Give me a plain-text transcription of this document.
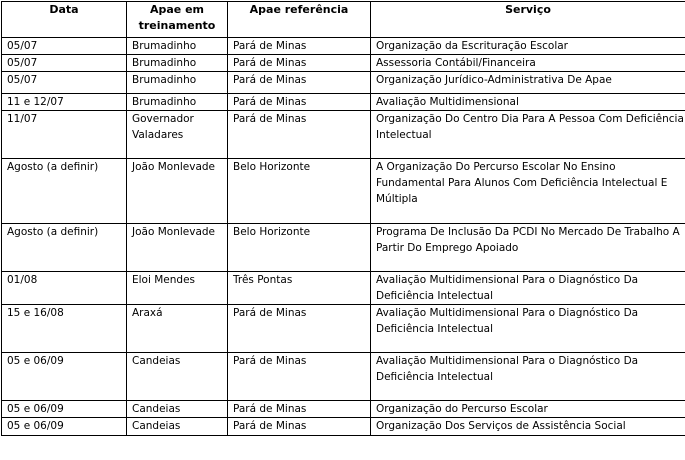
Data	Apae em treinamento	Apae referência	Serviço
05/07	Brumadinho	Pará de Minas	Organização da Escrituração Escolar
05/07	Brumadinho	Pará de Minas	Assessoria Contábil/Financeira
05/07	Brumadinho	Pará de Minas	Organização Jurídico-Administrativa De Apae
11 e 12/07	Brumadinho	Pará de Minas	Avaliação Multidimensional
11/07	Governador Valadares	Pará de Minas	Organização Do Centro Dia Para A Pessoa Com Deficiência Intelectual
Agosto (a definir)	João Monlevade	Belo Horizonte	A Organização Do Percurso Escolar No Ensino Fundamental Para Alunos Com Deficiência Intelectual E Múltipla
Agosto (a definir)	João Monlevade	Belo Horizonte	Programa De Inclusão Da PCDI No Mercado De Trabalho A Partir Do Emprego Apoiado
01/08	Eloi Mendes	Três Pontas	Avaliação Multidimensional Para o Diagnóstico Da Deficiência Intelectual
15 e 16/08	Araxá	Pará de Minas	Avaliação Multidimensional Para o Diagnóstico Da Deficiência Intelectual
05 e 06/09	Candeias	Pará de Minas	Avaliação Multidimensional Para o Diagnóstico Da Deficiência Intelectual
05 e 06/09	Candeias	Pará de Minas	Organização do Percurso Escolar
05 e 06/09	Candeias	Pará de Minas	Organização Dos Serviços de Assistência Social
